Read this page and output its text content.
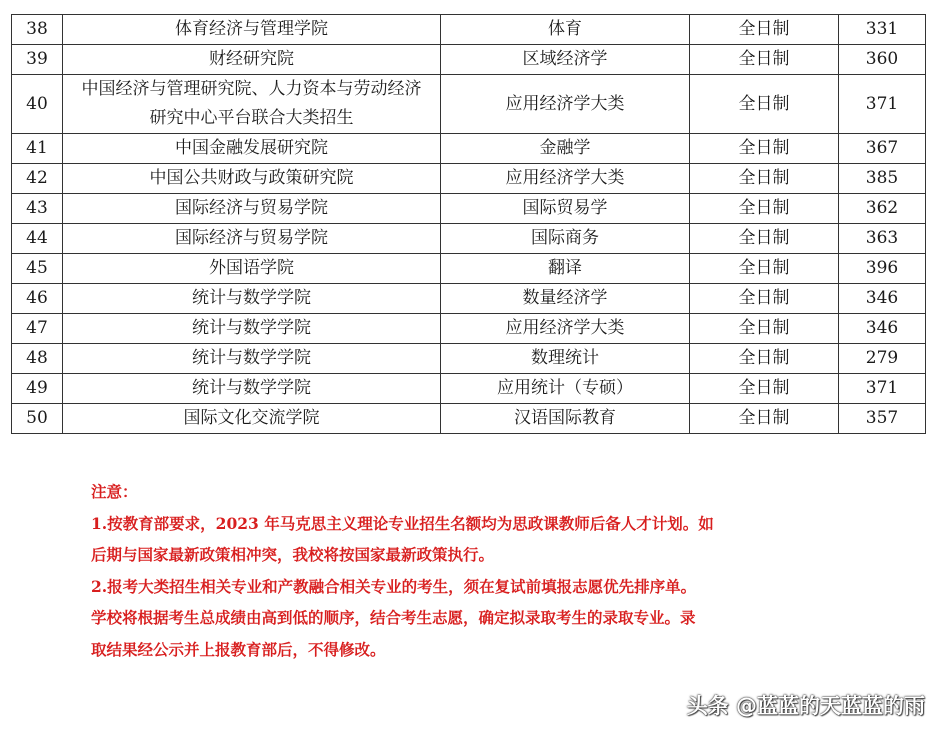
38	体育经济与管理学院	体育	全日制	331
39	财经研究院	区域经济学	全日制	360
40	中国经济与管理研究院、人力资本与劳动经济
研究中心平台联合大类招生	应用经济学大类	全日制	371
41	中国金融发展研究院	金融学	全日制	367
42	中国公共财政与政策研究院	应用经济学大类	全日制	385
43	国际经济与贸易学院	国际贸易学	全日制	362
44	国际经济与贸易学院	国际商务	全日制	363
45	外国语学院	翻译	全日制	396
46	统计与数学学院	数量经济学	全日制	346
47	统计与数学学院	应用经济学大类	全日制	346
48	统计与数学学院	数理统计	全日制	279
49	统计与数学学院	应用统计（专硕）	全日制	371
50	国际文化交流学院	汉语国际教育	全日制	357
注意：
1.按教育部要求，2023 年马克思主义理论专业招生名额均为思政课教师后备人才计划。如
后期与国家最新政策相冲突，我校将按国家最新政策执行。
2.报考大类招生相关专业和产教融合相关专业的考生，须在复试前填报志愿优先排序单。
学校将根据考生总成绩由高到低的顺序，结合考生志愿，确定拟录取考生的录取专业。录
取结果经公示并上报教育部后，不得修改。
头条 @蓝蓝的天蓝蓝的雨
